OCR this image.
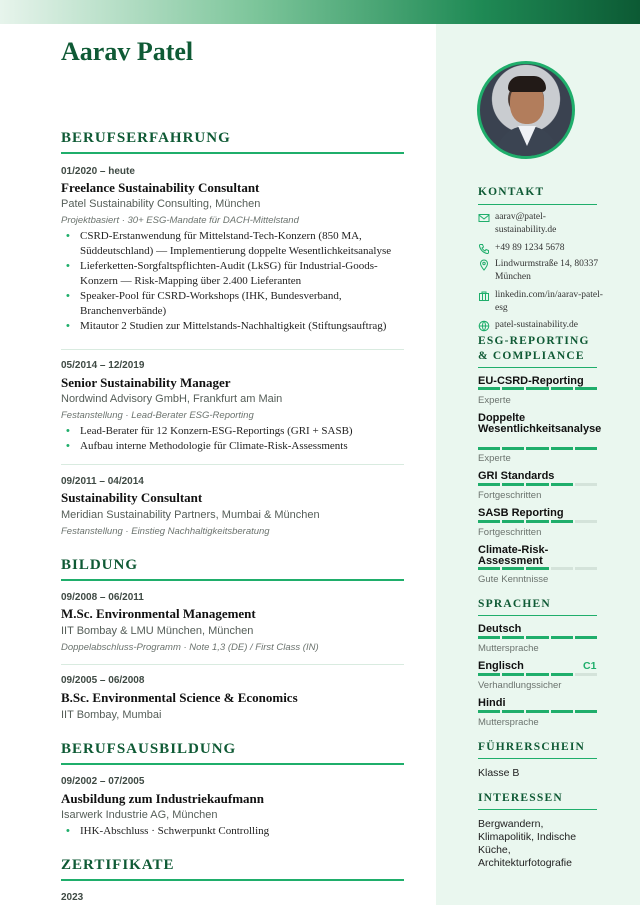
Aarav Patel
BERUFSERFAHRUNG
01/2020 – heute
Freelance Sustainability Consultant
Patel Sustainability Consulting, München
Projektbasiert · 30+ ESG-Mandate für DACH-Mittelstand
• CSRD-Erstanwendung für Mittelstand-Tech-Konzern (850 MA, Süddeutschland) — Implementierung doppelte Wesentlichkeitsanalyse
• Lieferketten-Sorgfaltspflichten-Audit (LkSG) für Industrial-Goods-Konzern — Risk-Mapping über 2.400 Lieferanten
• Speaker-Pool für CSRD-Workshops (IHK, Bundesverband, Branchenverbände)
• Mitautor 2 Studien zur Mittelstands-Nachhaltigkeit (Stiftungsauftrag)
05/2014 – 12/2019
Senior Sustainability Manager
Nordwind Advisory GmbH, Frankfurt am Main
Festanstellung · Lead-Berater ESG-Reporting
• Lead-Berater für 12 Konzern-ESG-Reportings (GRI + SASB)
• Aufbau interne Methodologie für Climate-Risk-Assessments
09/2011 – 04/2014
Sustainability Consultant
Meridian Sustainability Partners, Mumbai & München
Festanstellung · Einstieg Nachhaltigkeitsberatung
BILDUNG
09/2008 – 06/2011
M.Sc. Environmental Management
IIT Bombay & LMU München, München
Doppelabschluss-Programm · Note 1,3 (DE) / First Class (IN)
09/2005 – 06/2008
B.Sc. Environmental Science & Economics
IIT Bombay, Mumbai
BERUFSAUSBILDUNG
09/2002 – 07/2005
Ausbildung zum Industriekaufmann
Isarwerk Industrie AG, München
• IHK-Abschluss · Schwerpunkt Controlling
ZERTIFIKATE
2023
KONTAKT
aarav@patel-sustainability.de
+49 89 1234 5678
Lindwurmstraße 14, 80337 München
linkedin.com/in/aarav-patel-esg
patel-sustainability.de
ESG-REPORTING & COMPLIANCE
EU-CSRD-Reporting
Experte
Doppelte Wesentlichkeitsanalyse
Experte
GRI Standards
Fortgeschritten
SASB Reporting
Fortgeschritten
Climate-Risk-Assessment
Gute Kenntnisse
SPRACHEN
Deutsch
Muttersprache
Englisch	C1
Verhandlungssicher
Hindi
Muttersprache
FÜHRERSCHEIN
Klasse B
INTERESSEN
Bergwandern, Klimapolitik, Indische Küche, Architekturfotografie
